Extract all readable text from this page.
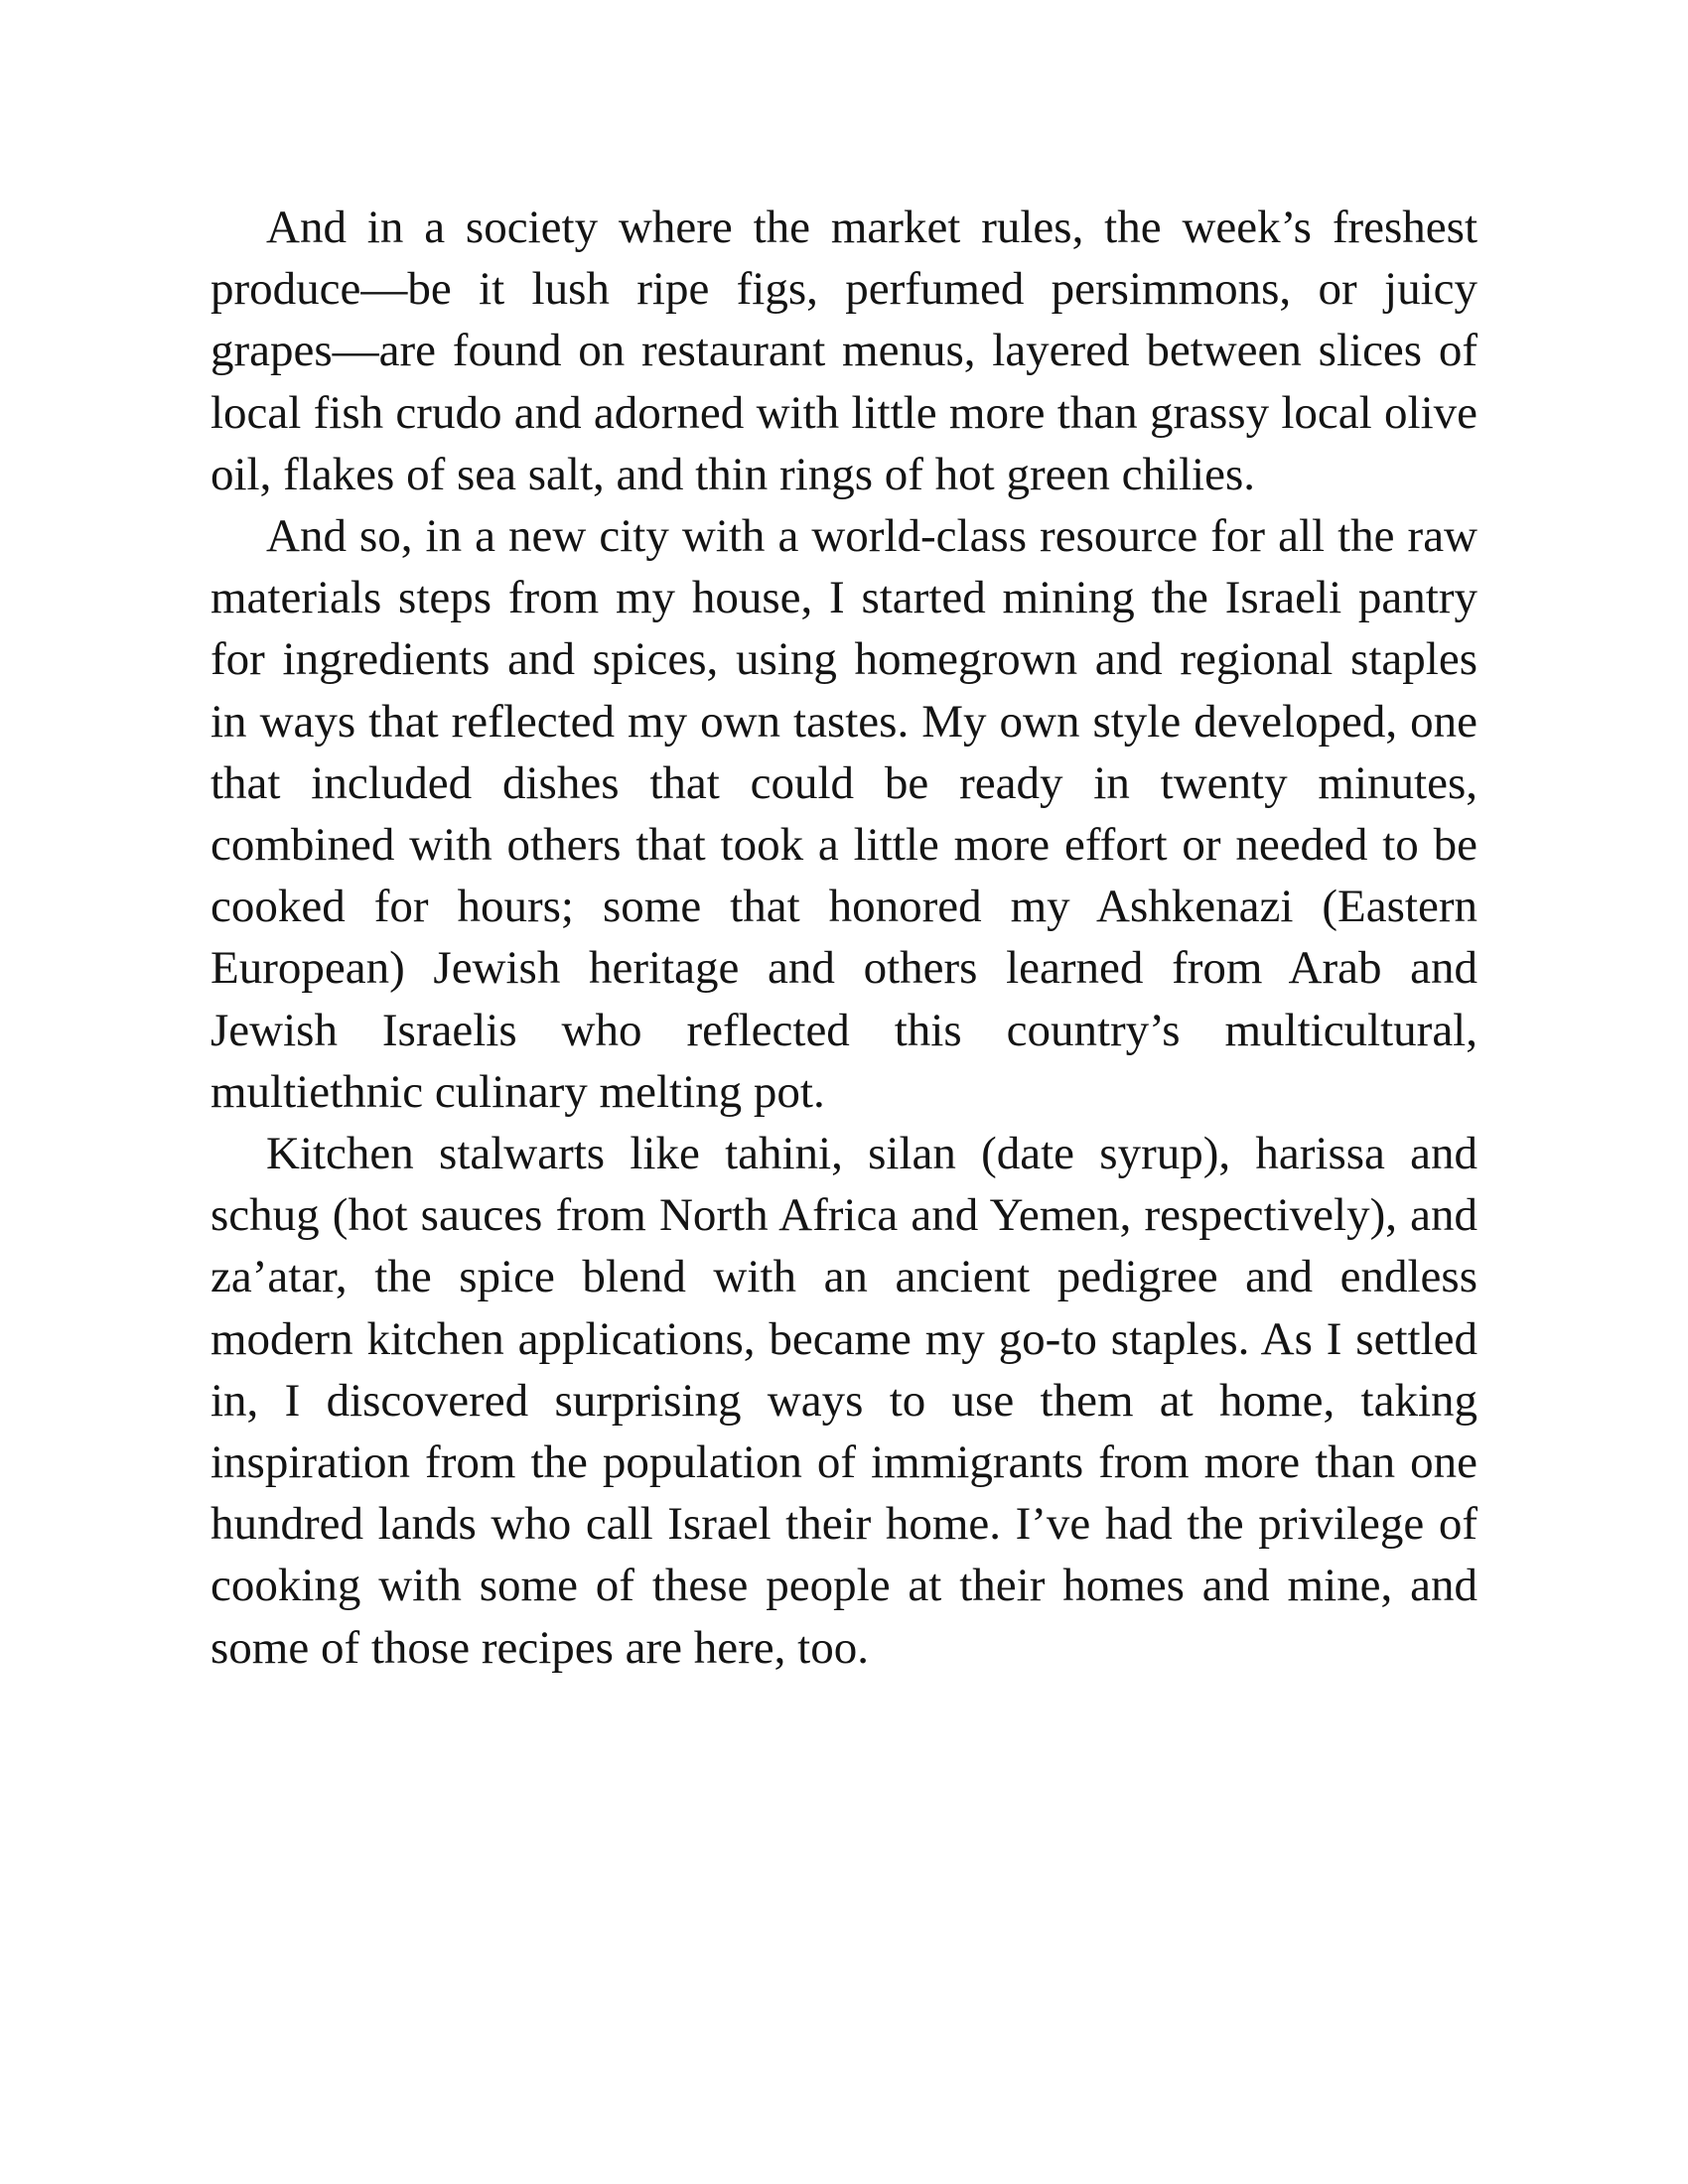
And in a society where the market rules, the week’s freshest produce—be it lush ripe figs, perfumed persimmons, or juicy grapes—are found on restaurant menus, layered between slices of local fish crudo and adorned with little more than grassy local olive oil, flakes of sea salt, and thin rings of hot green chilies.

And so, in a new city with a world-class resource for all the raw materials steps from my house, I started mining the Israeli pantry for ingredients and spices, using homegrown and regional staples in ways that reflected my own tastes. My own style developed, one that included dishes that could be ready in twenty minutes, combined with others that took a little more effort or needed to be cooked for hours; some that honored my Ashkenazi (Eastern European) Jewish heritage and others learned from Arab and Jewish Israelis who reflected this country’s multicultural, multiethnic culinary melting pot.

Kitchen stalwarts like tahini, silan (date syrup), harissa and schug (hot sauces from North Africa and Yemen, respectively), and za’atar, the spice blend with an ancient pedigree and endless modern kitchen applications, became my go-to staples. As I settled in, I discovered surprising ways to use them at home, taking inspiration from the population of immigrants from more than one hundred lands who call Israel their home. I’ve had the privilege of cooking with some of these people at their homes and mine, and some of those recipes are here, too.
